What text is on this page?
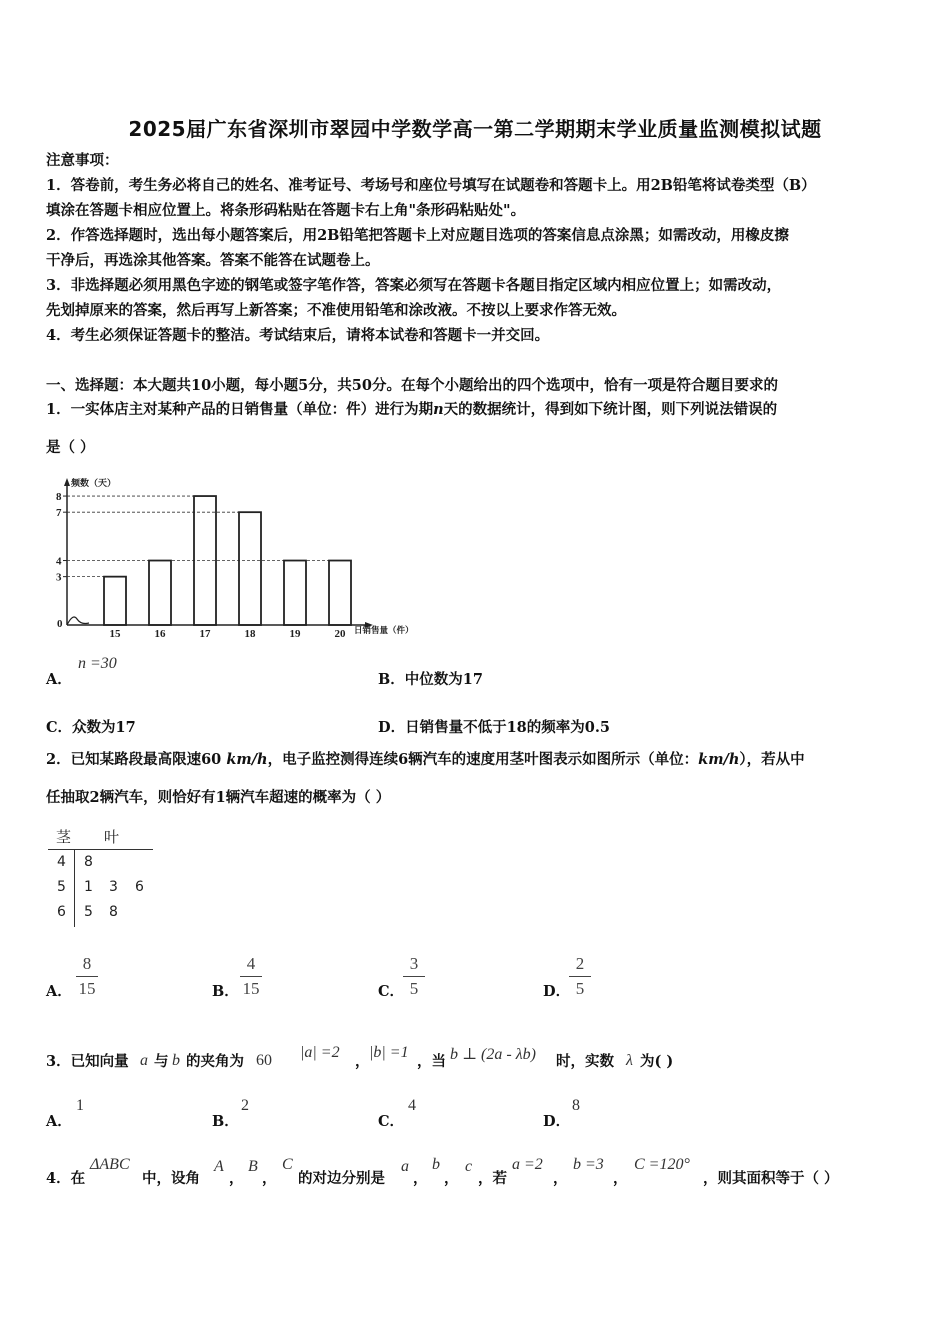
2025届广东省深圳市翠园中学数学高一第二学期期末学业质量监测模拟试题
注意事项：
1．答卷前，考生务必将自己的姓名、准考证号、考场号和座位号填写在试题卷和答题卡上。用2B铅笔将试卷类型（B）
填涂在答题卡相应位置上。将条形码粘贴在答题卡右上角"条形码粘贴处"。
2．作答选择题时，选出每小题答案后，用2B铅笔把答题卡上对应题目选项的答案信息点涂黑；如需改动，用橡皮擦
干净后，再选涂其他答案。答案不能答在试题卷上。
3．非选择题必须用黑色字迹的钢笔或签字笔作答，答案必须写在答题卡各题目指定区域内相应位置上；如需改动，
先划掉原来的答案，然后再写上新答案；不准使用铅笔和涂改液。不按以上要求作答无效。
4．考生必须保证答题卡的整洁。考试结束后，请将本试卷和答题卡一并交回。
一、选择题：本大题共10小题，每小题5分，共50分。在每个小题给出的四个选项中，恰有一项是符合题目要求的
1．一实体店主对某种产品的日销售量（单位：件）进行为期n天的数据统计，得到如下统计图，则下列说法错误的
是（ ）
频数（天）
日销售量（件）
0
3
4
7
8
15	16	17	18	19	20
A．
n =30
B．中位数为17
C．众数为17	D．日销售量不低于18的频率为0.5
2．已知某路段最高限速60 km/h，电子监控测得连续6辆汽车的速度用茎叶图表示如图所示（单位：km/h），若从中
任抽取2辆汽车，则恰好有1辆汽车超速的概率为（ ）
茎 叶
4 8
5 1 3 6
6 5 8
A．
8
15	B．
4
15	C．
3
5	D．
2
5
3．已知向量 a 与 b 的夹角为 60 |a| =2
，
|b| =1
，当 b ⊥ (2a - λb) 时，实数 λ 为( )
A．
1
B．
2
C．
4
D．
8
4．在
ΔABC
中，设角
A
，
B
，
C
的对边分别是
a
，
b
，
c
，若
a =2
，
b =3
，
C =120°
，则其面积等于（ ）
